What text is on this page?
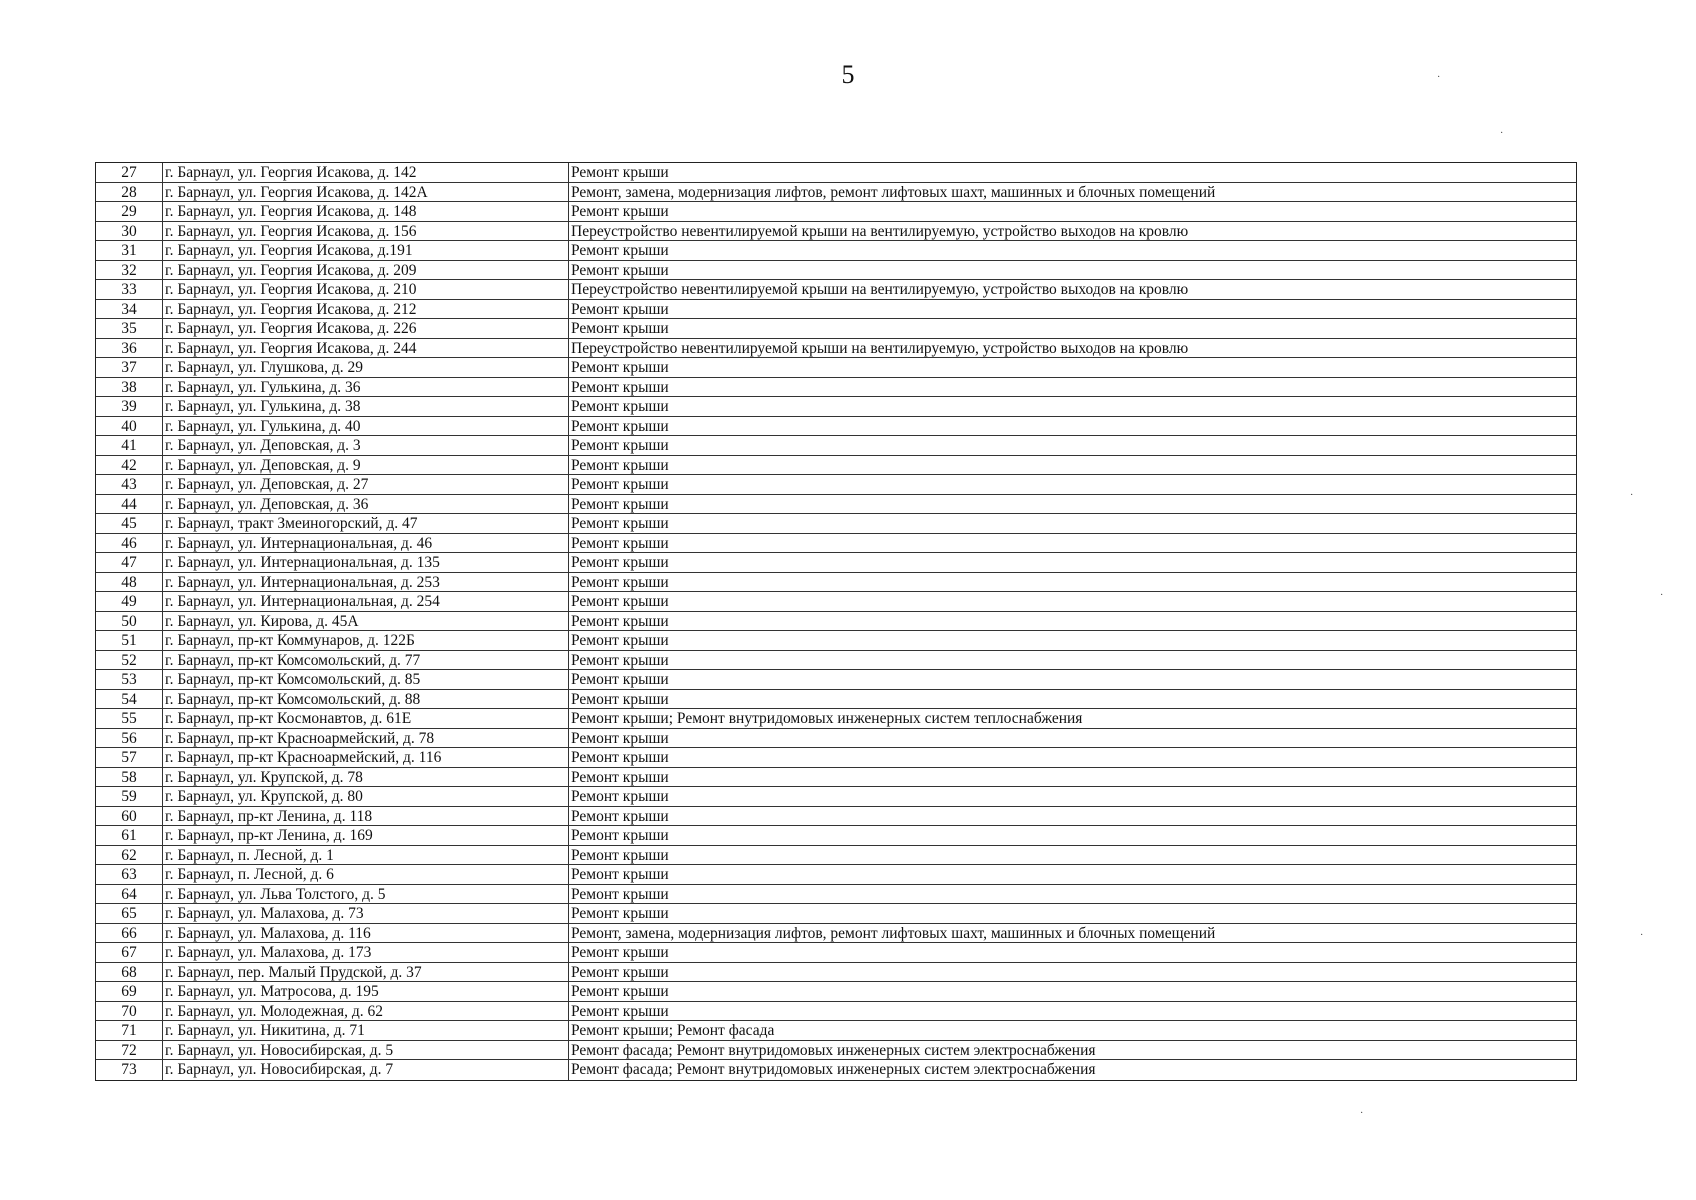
5
27	г. Барнаул, ул. Георгия Исакова, д. 142	Ремонт крыши
28	г. Барнаул, ул. Георгия Исакова, д. 142А	Ремонт, замена, модернизация лифтов, ремонт лифтовых шахт, машинных и блочных помещений
29	г. Барнаул, ул. Георгия Исакова, д. 148	Ремонт крыши
30	г. Барнаул, ул. Георгия Исакова, д. 156	Переустройство невентилируемой крыши на вентилируемую, устройство выходов на кровлю
31	г. Барнаул, ул. Георгия Исакова, д.191	Ремонт крыши
32	г. Барнаул, ул. Георгия Исакова, д. 209	Ремонт крыши
33	г. Барнаул, ул. Георгия Исакова, д. 210	Переустройство невентилируемой крыши на вентилируемую, устройство выходов на кровлю
34	г. Барнаул, ул. Георгия Исакова, д. 212	Ремонт крыши
35	г. Барнаул, ул. Георгия Исакова, д. 226	Ремонт крыши
36	г. Барнаул, ул. Георгия Исакова, д. 244	Переустройство невентилируемой крыши на вентилируемую, устройство выходов на кровлю
37	г. Барнаул, ул. Глушкова, д. 29	Ремонт крыши
38	г. Барнаул, ул. Гулькина, д. 36	Ремонт крыши
39	г. Барнаул, ул. Гулькина, д. 38	Ремонт крыши
40	г. Барнаул, ул. Гулькина, д. 40	Ремонт крыши
41	г. Барнаул, ул. Деповская, д. 3	Ремонт крыши
42	г. Барнаул, ул. Деповская, д. 9	Ремонт крыши
43	г. Барнаул, ул. Деповская, д. 27	Ремонт крыши
44	г. Барнаул, ул. Деповская, д. 36	Ремонт крыши
45	г. Барнаул, тракт Змеиногорский, д. 47	Ремонт крыши
46	г. Барнаул, ул. Интернациональная, д. 46	Ремонт крыши
47	г. Барнаул, ул. Интернациональная, д. 135	Ремонт крыши
48	г. Барнаул, ул. Интернациональная, д. 253	Ремонт крыши
49	г. Барнаул, ул. Интернациональная, д. 254	Ремонт крыши
50	г. Барнаул, ул. Кирова, д. 45А	Ремонт крыши
51	г. Барнаул, пр-кт Коммунаров, д. 122Б	Ремонт крыши
52	г. Барнаул, пр-кт Комсомольский, д. 77	Ремонт крыши
53	г. Барнаул, пр-кт Комсомольский, д. 85	Ремонт крыши
54	г. Барнаул, пр-кт Комсомольский, д. 88	Ремонт крыши
55	г. Барнаул, пр-кт Космонавтов, д. 61Е	Ремонт крыши; Ремонт внутридомовых инженерных систем теплоснабжения
56	г. Барнаул, пр-кт Красноармейский, д. 78	Ремонт крыши
57	г. Барнаул, пр-кт Красноармейский, д. 116	Ремонт крыши
58	г. Барнаул, ул. Крупской, д. 78	Ремонт крыши
59	г. Барнаул, ул. Крупской, д. 80	Ремонт крыши
60	г. Барнаул, пр-кт Ленина, д. 118	Ремонт крыши
61	г. Барнаул, пр-кт Ленина, д. 169	Ремонт крыши
62	г. Барнаул, п. Лесной, д. 1	Ремонт крыши
63	г. Барнаул, п. Лесной, д. 6	Ремонт крыши
64	г. Барнаул, ул. Льва Толстого, д. 5	Ремонт крыши
65	г. Барнаул, ул. Малахова, д. 73	Ремонт крыши
66	г. Барнаул, ул. Малахова, д. 116	Ремонт, замена, модернизация лифтов, ремонт лифтовых шахт, машинных и блочных помещений
67	г. Барнаул, ул. Малахова, д. 173	Ремонт крыши
68	г. Барнаул, пер. Малый Прудской, д. 37	Ремонт крыши
69	г. Барнаул, ул. Матросова, д. 195	Ремонт крыши
70	г. Барнаул, ул. Молодежная, д. 62	Ремонт крыши
71	г. Барнаул, ул. Никитина, д. 71	Ремонт крыши; Ремонт фасада
72	г. Барнаул, ул. Новосибирская, д. 5	Ремонт фасада; Ремонт внутридомовых инженерных систем электроснабжения
73	г. Барнаул, ул. Новосибирская, д. 7	Ремонт фасада; Ремонт внутридомовых инженерных систем электроснабжения
·
·
·
·
·
·
